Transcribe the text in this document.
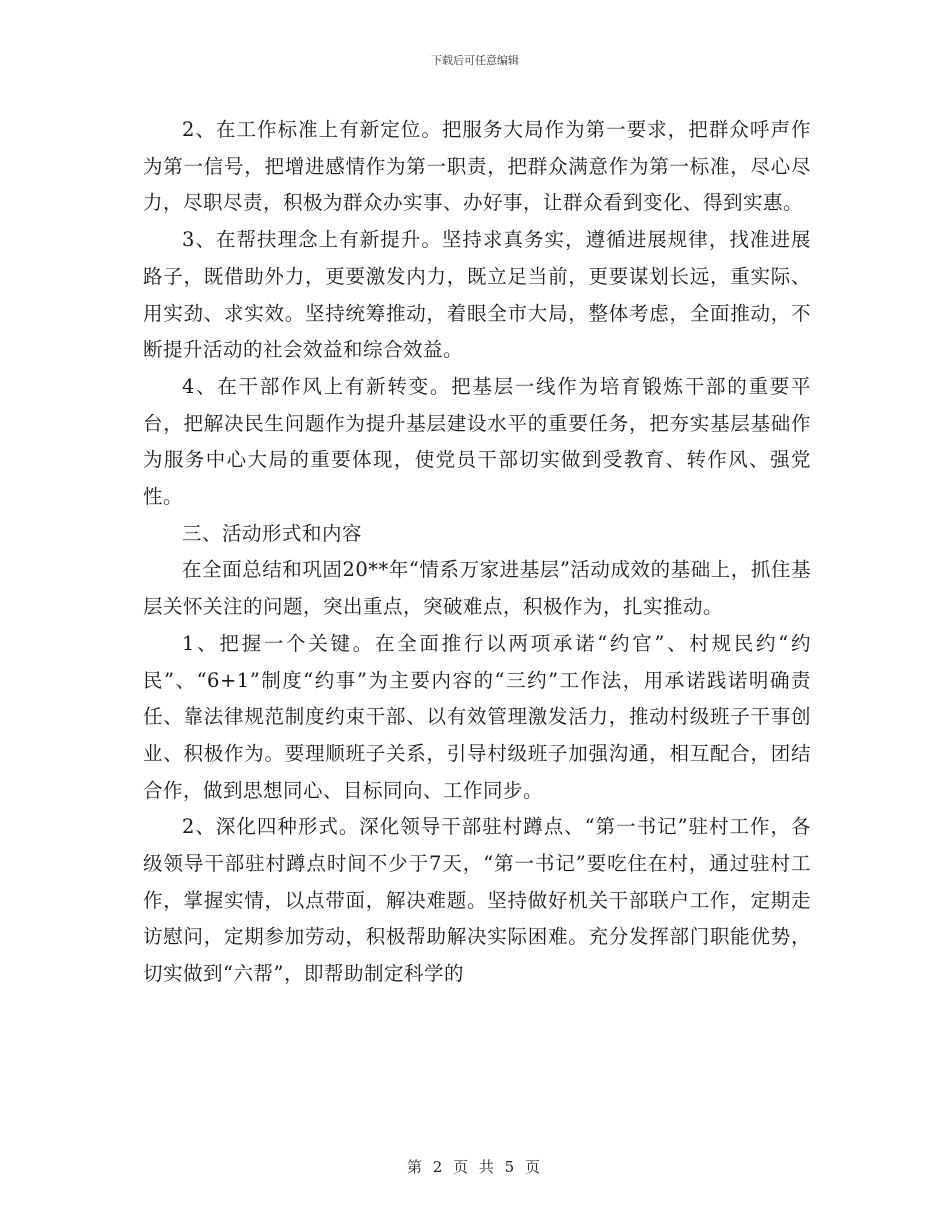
下载后可任意编辑

2、在工作标准上有新定位。把服务大局作为第一要求，把群众呼声作为第一信号，把增进感情作为第一职责，把群众满意作为第一标准，尽心尽力，尽职尽责，积极为群众办实事、办好事，让群众看到变化、得到实惠。

3、在帮扶理念上有新提升。坚持求真务实，遵循进展规律，找准进展路子，既借助外力，更要激发内力，既立足当前，更要谋划长远，重实际、用实劲、求实效。坚持统筹推动，着眼全市大局，整体考虑，全面推动，不断提升活动的社会效益和综合效益。

4、在干部作风上有新转变。把基层一线作为培育锻炼干部的重要平台，把解决民生问题作为提升基层建设水平的重要任务，把夯实基层基础作为服务中心大局的重要体现，使党员干部切实做到受教育、转作风、强党性。

三、活动形式和内容

在全面总结和巩固20**年“情系万家进基层”活动成效的基础上，抓住基层关怀关注的问题，突出重点，突破难点，积极作为，扎实推动。

1、把握一个关键。在全面推行以两项承诺“约官”、村规民约“约民”、“6+1”制度“约事”为主要内容的“三约”工作法，用承诺践诺明确责任、靠法律规范制度约束干部、以有效管理激发活力，推动村级班子干事创业、积极作为。要理顺班子关系，引导村级班子加强沟通，相互配合，团结合作，做到思想同心、目标同向、工作同步。

2、深化四种形式。深化领导干部驻村蹲点、“第一书记”驻村工作，各级领导干部驻村蹲点时间不少于7天，“第一书记”要吃住在村，通过驻村工作，掌握实情，以点带面，解决难题。坚持做好机关干部联户工作，定期走访慰问，定期参加劳动，积极帮助解决实际困难。充分发挥部门职能优势，切实做到“六帮”，即帮助制定科学的

第 2 页 共 5 页
